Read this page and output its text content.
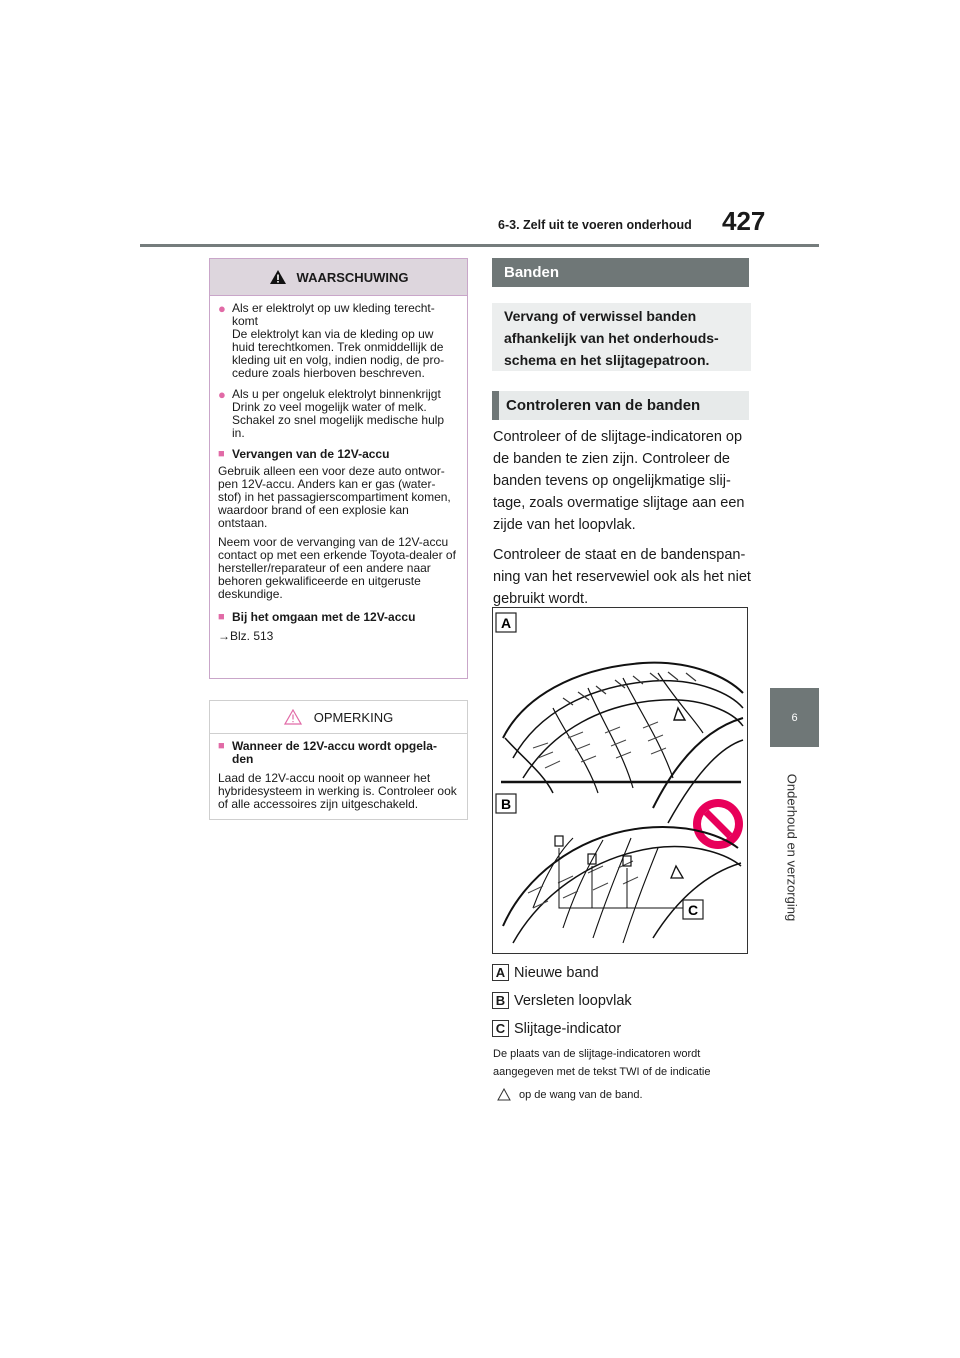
6-3. Zelf uit te voeren onderhoud 427
6
Onderhoud en verzorging
WAARSCHUWING
● Als er elektrolyt op uw kleding terecht-
komt
De elektrolyt kan via de kleding op uw huid terechtkomen. Trek onmiddellijk de kleding uit en volg, indien nodig, de pro-cedure zoals hierboven beschreven.
● Als u per ongeluk elektrolyt binnenkrijgt
Drink zo veel mogelijk water of melk. Schakel zo snel mogelijk medische hulp in.
■ Vervangen van de 12V-accu

Gebruik alleen een voor deze auto ontwor-pen 12V-accu. Anders kan er gas (water-stof) in het passagierscompartiment komen, waardoor brand of een explosie kan ontstaan.

Neem voor de vervanging van de 12V-accu contact op met een erkende Toyota-dealer of hersteller/reparateur of een andere naar behoren gekwalificeerde en uitgeruste deskundige.

■ Bij het omgaan met de 12V-accu
→Blz. 513
OPMERKING
■ Wanneer de 12V-accu wordt opgela-den

Laad de 12V-accu nooit op wanneer het hybridesysteem in werking is. Controleer ook of alle accessoires zijn uitgeschakeld.

Banden
Vervang of verwissel banden afhankelijk van het onderhouds-schema en het slijtagepatroon.
Controleren van de banden

Controleer of de slijtage-indicatoren op de banden te zien zijn. Controleer de banden tevens op ongelijkmatige slij-tage, zoals overmatige slijtage aan een zijde van het loopvlak.

Controleer de staat en de bandenspan-ning van het reservewiel ook als het niet gebruikt wordt.

A
B
C
A Nieuwe band
B Versleten loopvlak
C Slijtage-indicator
De plaats van de slijtage-indicatoren wordt aangegeven met de tekst TWI of de indicatie
op de wang van de band.
